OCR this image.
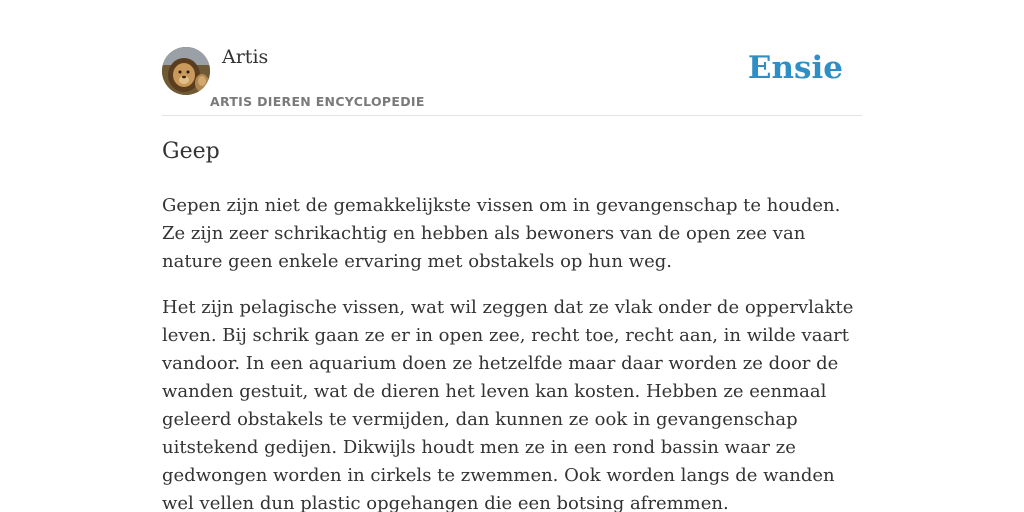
Artis
ARTIS DIEREN ENCYCLOPEDIE
Ensie
Geep

Gepen zijn niet de gemakkelijkste vissen om in gevangenschap te houden. Ze zijn zeer schrikachtig en hebben als bewoners van de open zee van nature geen enkele ervaring met obstakels op hun weg.

Het zijn pelagische vissen, wat wil zeggen dat ze vlak onder de oppervlakte leven. Bij schrik gaan ze er in open zee, recht toe, recht aan, in wilde vaart vandoor. In een aquarium doen ze hetzelfde maar daar worden ze door de wanden gestuit, wat de dieren het leven kan kosten. Hebben ze eenmaal geleerd obstakels te vermijden, dan kunnen ze ook in gevangenschap uitstekend gedijen. Dikwijls houdt men ze in een rond bassin waar ze gedwongen worden in cirkels te zwemmen. Ook worden langs de wanden wel vellen dun plastic opgehangen die een botsing afremmen.
